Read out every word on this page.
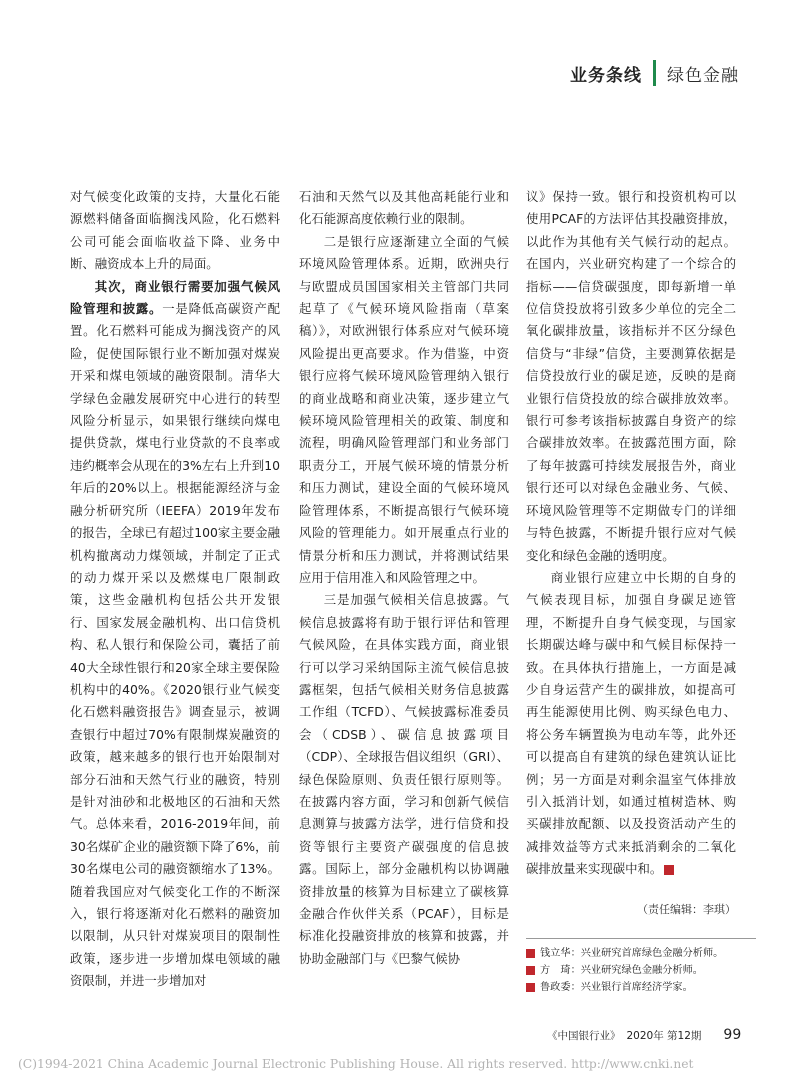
业务条线 绿色金融

对气候变化政策的支持，大量化石能源燃料储备面临搁浅风险，化石燃料公司可能会面临收益下降、业务中断、融资成本上升的局面。

其次，商业银行需要加强气候风险管理和披露。一是降低高碳资产配置。化石燃料可能成为搁浅资产的风险，促使国际银行业不断加强对煤炭开采和煤电领域的融资限制。清华大学绿色金融发展研究中心进行的转型风险分析显示，如果银行继续向煤电提供贷款，煤电行业贷款的不良率或违约概率会从现在的3%左右上升到10年后的20%以上。根据能源经济与金融分析研究所（IEEFA）2019年发布的报告，全球已有超过100家主要金融机构撤离动力煤领域，并制定了正式的动力煤开采以及燃煤电厂限制政策，这些金融机构包括公共开发银行、国家发展金融机构、出口信贷机构、私人银行和保险公司，囊括了前40大全球性银行和20家全球主要保险机构中的40%。《2020银行业气候变化石燃料融资报告》调查显示，被调查银行中超过70%有限制煤炭融资的政策，越来越多的银行也开始限制对部分石油和天然气行业的融资，特别是针对油砂和北极地区的石油和天然气。总体来看，2016-2019年间，前30名煤矿企业的融资额下降了6%，前30名煤电公司的融资额缩水了13%。随着我国应对气候变化工作的不断深入，银行将逐渐对化石燃料的融资加以限制，从只针对煤炭项目的限制性政策，逐步进一步增加煤电领域的融资限制，并进一步增加对

石油和天然气以及其他高耗能行业和化石能源高度依赖行业的限制。

二是银行应逐渐建立全面的气候环境风险管理体系。近期，欧洲央行与欧盟成员国国家相关主管部门共同起草了《气候环境风险指南（草案稿）》，对欧洲银行体系应对气候环境风险提出更高要求。作为借鉴，中资银行应将气候环境风险管理纳入银行的商业战略和商业决策，逐步建立气候环境风险管理相关的政策、制度和流程，明确风险管理部门和业务部门职责分工，开展气候环境的情景分析和压力测试，建设全面的气候环境风险管理体系，不断提高银行气候环境风险的管理能力。如开展重点行业的情景分析和压力测试，并将测试结果应用于信用准入和风险管理之中。

三是加强气候相关信息披露。气候信息披露将有助于银行评估和管理气候风险，在具体实践方面，商业银行可以学习采纳国际主流气候信息披露框架，包括气候相关财务信息披露工作组（TCFD）、气候披露标准委员会（CDSB）、碳信息披露项目（CDP）、全球报告倡议组织（GRI）、绿色保险原则、负责任银行原则等。在披露内容方面，学习和创新气候信息测算与披露方法学，进行信贷和投资等银行主要资产碳强度的信息披露。国际上，部分金融机构以协调融资排放量的核算为目标建立了碳核算金融合作伙伴关系（PCAF），目标是标准化投融资排放的核算和披露，并协助金融部门与《巴黎气候协

议》保持一致。银行和投资机构可以使用PCAF的方法评估其投融资排放，以此作为其他有关气候行动的起点。在国内，兴业研究构建了一个综合的指标——信贷碳强度，即每新增一单位信贷投放将引致多少单位的完全二氧化碳排放量，该指标并不区分绿色信贷与“非绿”信贷，主要测算依据是信贷投放行业的碳足迹，反映的是商业银行信贷投放的综合碳排放效率。银行可参考该指标披露自身资产的综合碳排放效率。在披露范围方面，除了每年披露可持续发展报告外，商业银行还可以对绿色金融业务、气候、环境风险管理等不定期做专门的详细与特色披露，不断提升银行应对气候变化和绿色金融的透明度。

商业银行应建立中长期的自身的气候表现目标，加强自身碳足迹管理，不断提升自身气候变现，与国家长期碳达峰与碳中和气候目标保持一致。在具体执行措施上，一方面是减少自身运营产生的碳排放，如提高可再生能源使用比例、购买绿色电力、将公务车辆置换为电动车等，此外还可以提高自有建筑的绿色建筑认证比例；另一方面是对剩余温室气体排放引入抵消计划，如通过植树造林、购买碳排放配额、以及投资活动产生的减排效益等方式来抵消剩余的二氧化碳排放量来实现碳中和。

（责任编辑：李琪）
钱立华 ： 兴业研究首席绿色金融分析师。
方　琦 ： 兴业研究绿色金融分析师。
鲁政委 ： 兴业银行首席经济学家。
《中国银行业》 2020年 第12期 99
(C)1994-2021 China Academic Journal Electronic Publishing House. All rights reserved. http://www.cnki.net
